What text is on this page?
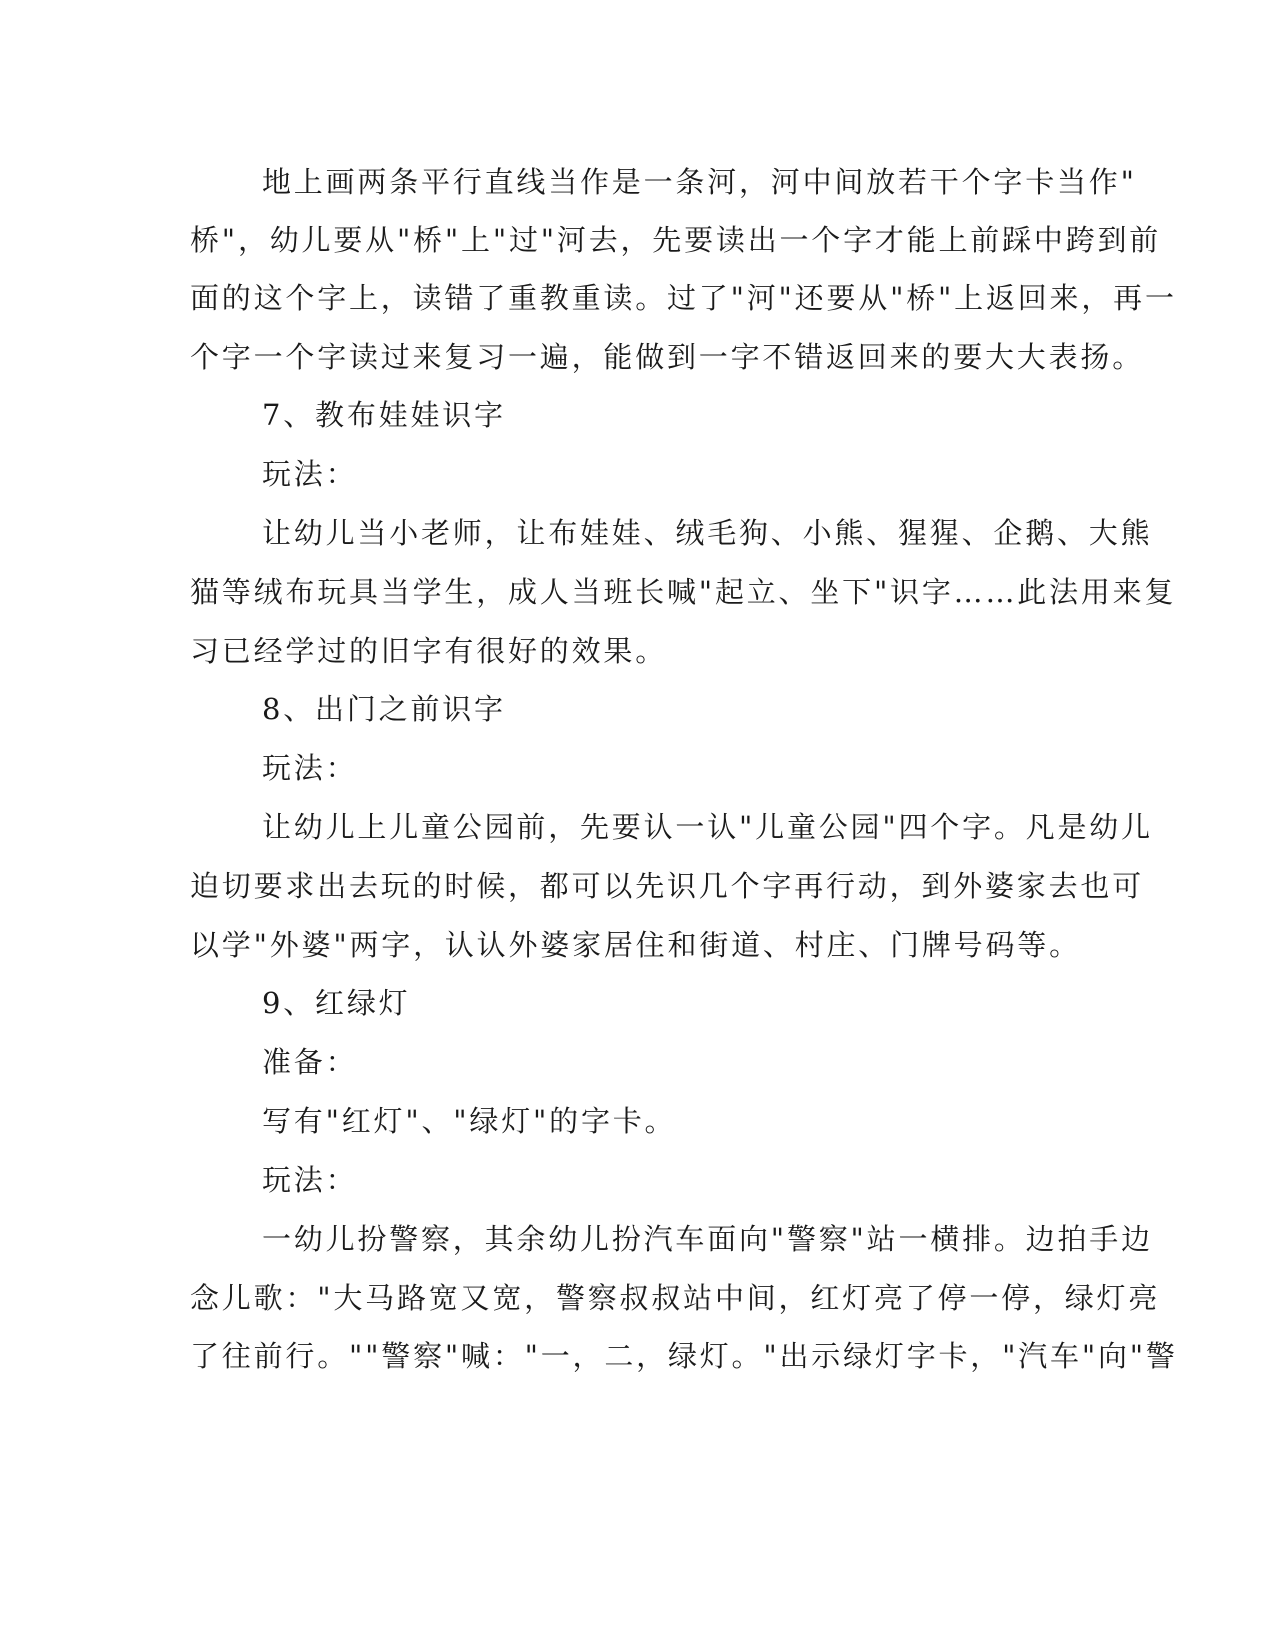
地上画两条平行直线当作是一条河，河中间放若干个字卡当作"
桥"，幼儿要从"桥"上"过"河去，先要读出一个字才能上前踩中跨到前
面的这个字上，读错了重教重读。过了"河"还要从"桥"上返回来，再一
个字一个字读过来复习一遍，能做到一字不错返回来的要大大表扬。
7、教布娃娃识字
玩法：
让幼儿当小老师，让布娃娃、绒毛狗、小熊、猩猩、企鹅、大熊
猫等绒布玩具当学生，成人当班长喊"起立、坐下"识字……此法用来复
习已经学过的旧字有很好的效果。
8、出门之前识字
玩法：
让幼儿上儿童公园前，先要认一认"儿童公园"四个字。凡是幼儿
迫切要求出去玩的时候，都可以先识几个字再行动，到外婆家去也可
以学"外婆"两字，认认外婆家居住和街道、村庄、门牌号码等。
9、红绿灯
准备：
写有"红灯"、"绿灯"的字卡。
玩法：
一幼儿扮警察，其余幼儿扮汽车面向"警察"站一横排。边拍手边
念儿歌："大马路宽又宽，警察叔叔站中间，红灯亮了停一停，绿灯亮
了往前行。""警察"喊："一，二，绿灯。"出示绿灯字卡，"汽车"向"警
